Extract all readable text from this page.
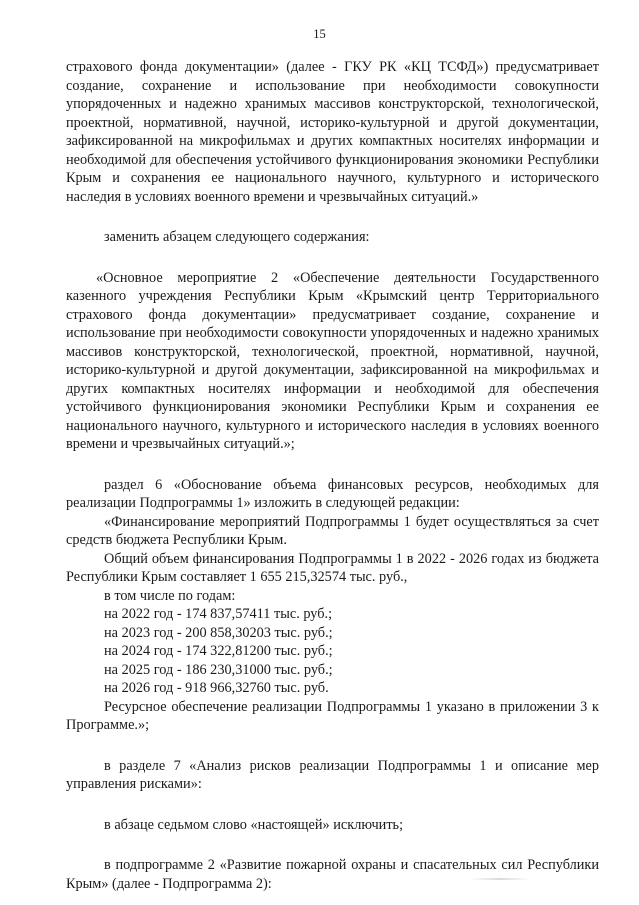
15

страхового фонда документации» (далее - ГКУ РК «КЦ ТСФД») предусматривает создание, сохранение и использование при необходимости совокупности упорядоченных и надежно хранимых массивов конструкторской, технологической, проектной, нормативной, научной, историко-культурной и другой документации, зафиксированной на микрофильмах и других компактных носителях информации и необходимой для обеспечения устойчивого функционирования экономики Республики Крым и сохранения ее национального научного, культурного и исторического наследия в условиях военного времени и чрезвычайных ситуаций.»

заменить абзацем следующего содержания:

«Основное мероприятие 2 «Обеспечение деятельности Государственного казенного учреждения Республики Крым «Крымский центр Территориального страхового фонда документации» предусматривает создание, сохранение и использование при необходимости совокупности упорядоченных и надежно хранимых массивов конструкторской, технологической, проектной, нормативной, научной, историко-культурной и другой документации, зафиксированной на микрофильмах и других компактных носителях информации и необходимой для обеспечения устойчивого функционирования экономики Республики Крым и сохранения ее национального научного, культурного и исторического наследия в условиях военного времени и чрезвычайных ситуаций.»;

раздел 6 «Обоснование объема финансовых ресурсов, необходимых для реализации Подпрограммы 1» изложить в следующей редакции:

«Финансирование мероприятий Подпрограммы 1 будет осуществляться за счет средств бюджета Республики Крым.

Общий объем финансирования Подпрограммы 1 в 2022 - 2026 годах из бюджета Республики Крым составляет 1 655 215,32574 тыс. руб.,

в том числе по годам:
на 2022 год - 174 837,57411 тыс. руб.;
на 2023 год - 200 858,30203 тыс. руб.;
на 2024 год - 174 322,81200 тыс. руб.;
на 2025 год - 186 230,31000 тыс. руб.;
на 2026 год - 918 966,32760 тыс. руб.

Ресурсное обеспечение реализации Подпрограммы 1 указано в приложении 3 к Программе.»;

в разделе 7 «Анализ рисков реализации Подпрограммы 1 и описание мер управления рисками»:

в абзаце седьмом слово «настоящей» исключить;

в подпрограмме 2 «Развитие пожарной охраны и спасательных сил Республики Крым» (далее - Подпрограмма 2):
